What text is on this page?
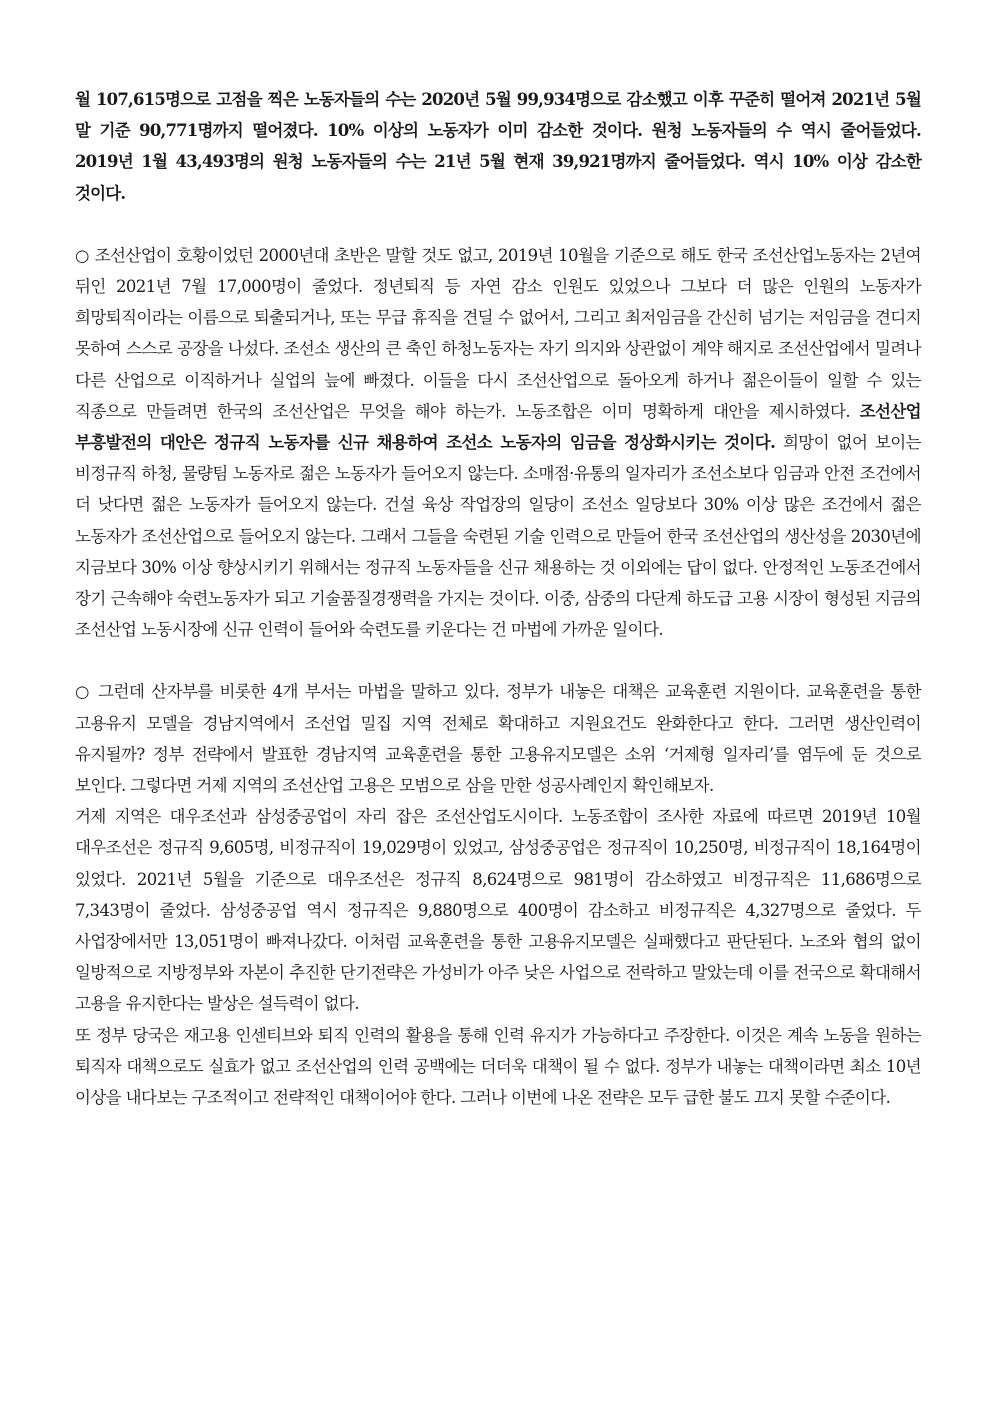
월 107,615명으로 고점을 찍은 노동자들의 수는 2020년 5월 99,934명으로 감소했고 이후 꾸준히 떨어져 2021년 5월 말 기준 90,771명까지 떨어졌다. 10% 이상의 노동자가 이미 감소한 것이다. 원청 노동자들의 수 역시 줄어들었다. 2019년 1월 43,493명의 원청 노동자들의 수는 21년 5월 현재 39,921명까지 줄어들었다. 역시 10% 이상 감소한 것이다.

○ 조선산업이 호황이었던 2000년대 초반은 말할 것도 없고, 2019년 10월을 기준으로 해도 한국 조선산업노동자는 2년여 뒤인 2021년 7월 17,000명이 줄었다. 정년퇴직 등 자연 감소 인원도 있었으나 그보다 더 많은 인원의 노동자가 희망퇴직이라는 이름으로 퇴출되거나, 또는 무급 휴직을 견딜 수 없어서, 그리고 최저임금을 간신히 넘기는 저임금을 견디지 못하여 스스로 공장을 나섰다. 조선소 생산의 큰 축인 하청노동자는 자기 의지와 상관없이 계약 해지로 조선산업에서 밀려나 다른 산업으로 이직하거나 실업의 늪에 빠졌다. 이들을 다시 조선산업으로 돌아오게 하거나 젊은이들이 일할 수 있는 직종으로 만들려면 한국의 조선산업은 무엇을 해야 하는가. 노동조합은 이미 명확하게 대안을 제시하였다. 조선산업 부흥발전의 대안은 정규직 노동자를 신규 채용하여 조선소 노동자의 임금을 정상화시키는 것이다. 희망이 없어 보이는 비정규직 하청, 물량팀 노동자로 젊은 노동자가 들어오지 않는다. 소매점·유통의 일자리가 조선소보다 임금과 안전 조건에서 더 낫다면 젊은 노동자가 들어오지 않는다. 건설 육상 작업장의 일당이 조선소 일당보다 30% 이상 많은 조건에서 젊은 노동자가 조선산업으로 들어오지 않는다. 그래서 그들을 숙련된 기술 인력으로 만들어 한국 조선산업의 생산성을 2030년에 지금보다 30% 이상 향상시키기 위해서는 정규직 노동자들을 신규 채용하는 것 이외에는 답이 없다. 안정적인 노동조건에서 장기 근속해야 숙련노동자가 되고 기술품질경쟁력을 가지는 것이다. 이중, 삼중의 다단계 하도급 고용 시장이 형성된 지금의 조선산업 노동시장에 신규 인력이 들어와 숙련도를 키운다는 건 마법에 가까운 일이다.

○ 그런데 산자부를 비롯한 4개 부서는 마법을 말하고 있다. 정부가 내놓은 대책은 교육훈련 지원이다. 교육훈련을 통한 고용유지 모델을 경남지역에서 조선업 밀집 지역 전체로 확대하고 지원요건도 완화한다고 한다. 그러면 생산인력이 유지될까? 정부 전략에서 발표한 경남지역 교육훈련을 통한 고용유지모델은 소위 ‘거제형 일자리’를 염두에 둔 것으로 보인다. 그렇다면 거제 지역의 조선산업 고용은 모범으로 삼을 만한 성공사례인지 확인해보자.

거제 지역은 대우조선과 삼성중공업이 자리 잡은 조선산업도시이다. 노동조합이 조사한 자료에 따르면 2019년 10월 대우조선은 정규직 9,605명, 비정규직이 19,029명이 있었고, 삼성중공업은 정규직이 10,250명, 비정규직이 18,164명이 있었다. 2021년 5월을 기준으로 대우조선은 정규직 8,624명으로 981명이 감소하였고 비정규직은 11,686명으로 7,343명이 줄었다. 삼성중공업 역시 정규직은 9,880명으로 400명이 감소하고 비정규직은 4,327명으로 줄었다. 두 사업장에서만 13,051명이 빠져나갔다. 이처럼 교육훈련을 통한 고용유지모델은 실패했다고 판단된다. 노조와 협의 없이 일방적으로 지방정부와 자본이 추진한 단기전략은 가성비가 아주 낮은 사업으로 전락하고 말았는데 이를 전국으로 확대해서 고용을 유지한다는 발상은 설득력이 없다.

또 정부 당국은 재고용 인센티브와 퇴직 인력의 활용을 통해 인력 유지가 가능하다고 주장한다. 이것은 계속 노동을 원하는 퇴직자 대책으로도 실효가 없고 조선산업의 인력 공백에는 더더욱 대책이 될 수 없다. 정부가 내놓는 대책이라면 최소 10년 이상을 내다보는 구조적이고 전략적인 대책이어야 한다. 그러나 이번에 나온 전략은 모두 급한 불도 끄지 못할 수준이다.
